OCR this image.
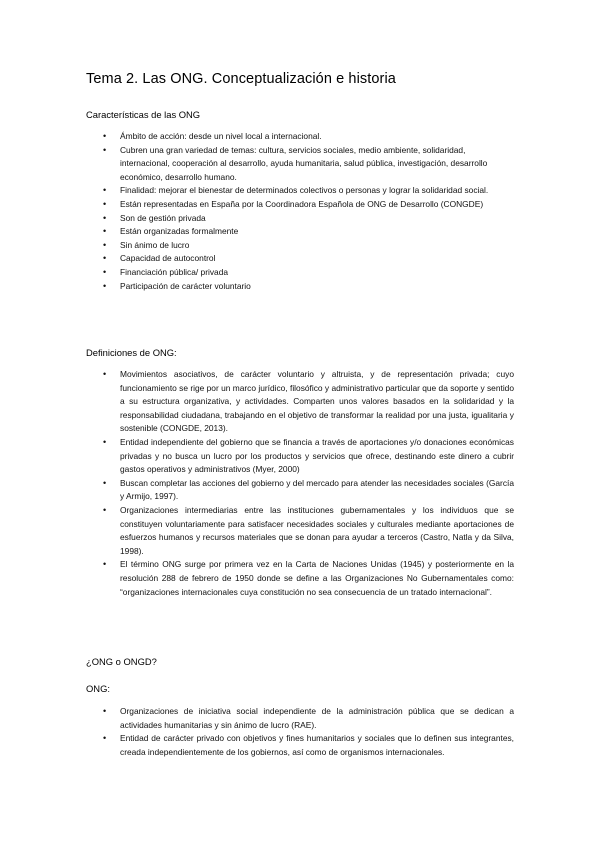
Tema 2. Las ONG. Conceptualización e historia
Características de las ONG
• Ámbito de acción: desde un nivel local a internacional.
• Cubren una gran variedad de temas: cultura, servicios sociales, medio ambiente, solidaridad, internacional, cooperación al desarrollo, ayuda humanitaria, salud pública, investigación, desarrollo económico, desarrollo humano.
• Finalidad: mejorar el bienestar de determinados colectivos o personas y lograr la solidaridad social.
• Están representadas en España por la Coordinadora Española de ONG de Desarrollo (CONGDE)
• Son de gestión privada
• Están organizadas formalmente
• Sin ánimo de lucro
• Capacidad de autocontrol
• Financiación pública/ privada
• Participación de carácter voluntario
Definiciones de ONG:
• Movimientos asociativos, de carácter voluntario y altruista, y de representación privada; cuyo funcionamiento se rige por un marco jurídico, filosófico y administrativo particular que da soporte y sentido a su estructura organizativa, y actividades. Comparten unos valores basados en la solidaridad y la responsabilidad ciudadana, trabajando en el objetivo de transformar la realidad por una justa, igualitaria y sostenible (CONGDE, 2013).
• Entidad independiente del gobierno que se financia a través de aportaciones y/o donaciones económicas privadas y no busca un lucro por los productos y servicios que ofrece, destinando este dinero a cubrir gastos operativos y administrativos (Myer, 2000)
• Buscan completar las acciones del gobierno y del mercado para atender las necesidades sociales (García y Armijo, 1997).
• Organizaciones intermediarias entre las instituciones gubernamentales y los individuos que se constituyen voluntariamente para satisfacer necesidades sociales y culturales mediante aportaciones de esfuerzos humanos y recursos materiales que se donan para ayudar a terceros (Castro, Natla y da Silva, 1998).
• El término ONG surge por primera vez en la Carta de Naciones Unidas (1945) y posteriormente en la resolución 288 de febrero de 1950 donde se define a las Organizaciones No Gubernamentales como: “organizaciones internacionales cuya constitución no sea consecuencia de un tratado internacional”.
¿ONG o ONGD?
ONG:
• Organizaciones de iniciativa social independiente de la administración pública que se dedican a actividades humanitarias y sin ánimo de lucro (RAE).
• Entidad de carácter privado con objetivos y fines humanitarios y sociales que lo definen sus integrantes, creada independientemente de los gobiernos, así como de organismos internacionales.
